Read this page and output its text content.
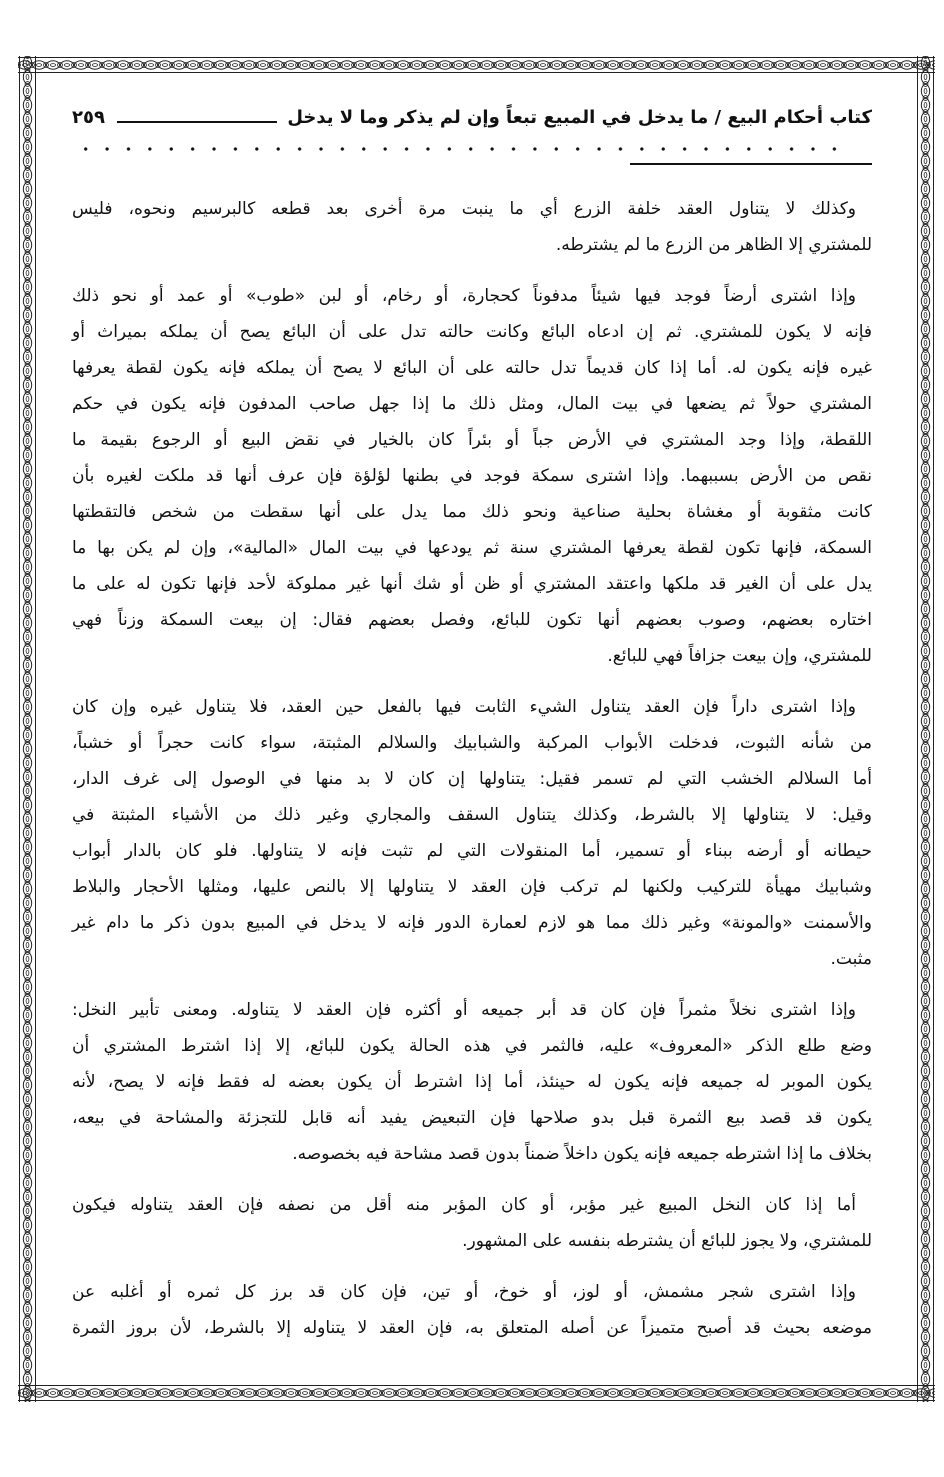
كتاب أحكام البيع / ما يدخل في المبيع تبعاً وإن لم يذكر وما لا يدخل
٢٥٩
وكذلك لا يتناول العقد خلفة الزرع أي ما ينبت مرة أخرى بعد قطعه كالبرسيم ونحوه، فليس
للمشتري إلا الظاهر من الزرع ما لم يشترطه.
وإذا اشترى أرضاً فوجد فيها شيئاً مدفوناً كحجارة، أو رخام، أو لبن «طوب» أو عمد أو نحو ذلك
فإنه لا يكون للمشتري. ثم إن ادعاه البائع وكانت حالته تدل على أن البائع يصح أن يملكه بميراث أو
غيره فإنه يكون له. أما إذا كان قديماً تدل حالته على أن البائع لا يصح أن يملكه فإنه يكون لقطة يعرفها
المشتري حولاً ثم يضعها في بيت المال، ومثل ذلك ما إذا جهل صاحب المدفون فإنه يكون في حكم
اللقطة، وإذا وجد المشتري في الأرض جباً أو بئراً كان بالخيار في نقض البيع أو الرجوع بقيمة ما
نقص من الأرض بسببهما. وإذا اشترى سمكة فوجد في بطنها لؤلؤة فإن عرف أنها قد ملكت لغيره بأن
كانت مثقوبة أو مغشاة بحلية صناعية ونحو ذلك مما يدل على أنها سقطت من شخص فالتقطتها
السمكة، فإنها تكون لقطة يعرفها المشتري سنة ثم يودعها في بيت المال «المالية»، وإن لم يكن بها ما
يدل على أن الغير قد ملكها واعتقد المشتري أو ظن أو شك أنها غير مملوكة لأحد فإنها تكون له على ما
اختاره بعضهم، وصوب بعضهم أنها تكون للبائع، وفصل بعضهم فقال: إن بيعت السمكة وزناً فهي
للمشتري، وإن بيعت جزافاً فهي للبائع.
وإذا اشترى داراً فإن العقد يتناول الشيء الثابت فيها بالفعل حين العقد، فلا يتناول غيره وإن كان
من شأنه الثبوت، فدخلت الأبواب المركبة والشبابيك والسلالم المثبتة، سواء كانت حجراً أو خشباً،
أما السلالم الخشب التي لم تسمر فقيل: يتناولها إن كان لا بد منها في الوصول إلى غرف الدار،
وقيل: لا يتناولها إلا بالشرط، وكذلك يتناول السقف والمجاري وغير ذلك من الأشياء المثبتة في
حيطانه أو أرضه ببناء أو تسمير، أما المنقولات التي لم تثبت فإنه لا يتناولها. فلو كان بالدار أبواب
وشبابيك مهيأة للتركيب ولكنها لم تركب فإن العقد لا يتناولها إلا بالنص عليها، ومثلها الأحجار والبلاط
والأسمنت «والمونة» وغير ذلك مما هو لازم لعمارة الدور فإنه لا يدخل في المبيع بدون ذكر ما دام غير
مثبت.
وإذا اشترى نخلاً مثمراً فإن كان قد أبر جميعه أو أكثره فإن العقد لا يتناوله. ومعنى تأبير النخل:
وضع طلع الذكر «المعروف» عليه، فالثمر في هذه الحالة يكون للبائع، إلا إذا اشترط المشتري أن
يكون الموبر له جميعه فإنه يكون له حينئذ، أما إذا اشترط أن يكون بعضه له فقط فإنه لا يصح، لأنه
يكون قد قصد بيع الثمرة قبل بدو صلاحها فإن التبعيض يفيد أنه قابل للتجزئة والمشاحة في بيعه،
بخلاف ما إذا اشترطه جميعه فإنه يكون داخلاً ضمناً بدون قصد مشاحة فيه بخصوصه.
أما إذا كان النخل المبيع غير مؤبر، أو كان المؤبر منه أقل من نصفه فإن العقد يتناوله فيكون
للمشتري، ولا يجوز للبائع أن يشترطه بنفسه على المشهور.
وإذا اشترى شجر مشمش، أو لوز، أو خوخ، أو تين، فإن كان قد برز كل ثمره أو أغلبه عن
موضعه بحيث قد أصبح متميزاً عن أصله المتعلق به، فإن العقد لا يتناوله إلا بالشرط، لأن بروز الثمرة
